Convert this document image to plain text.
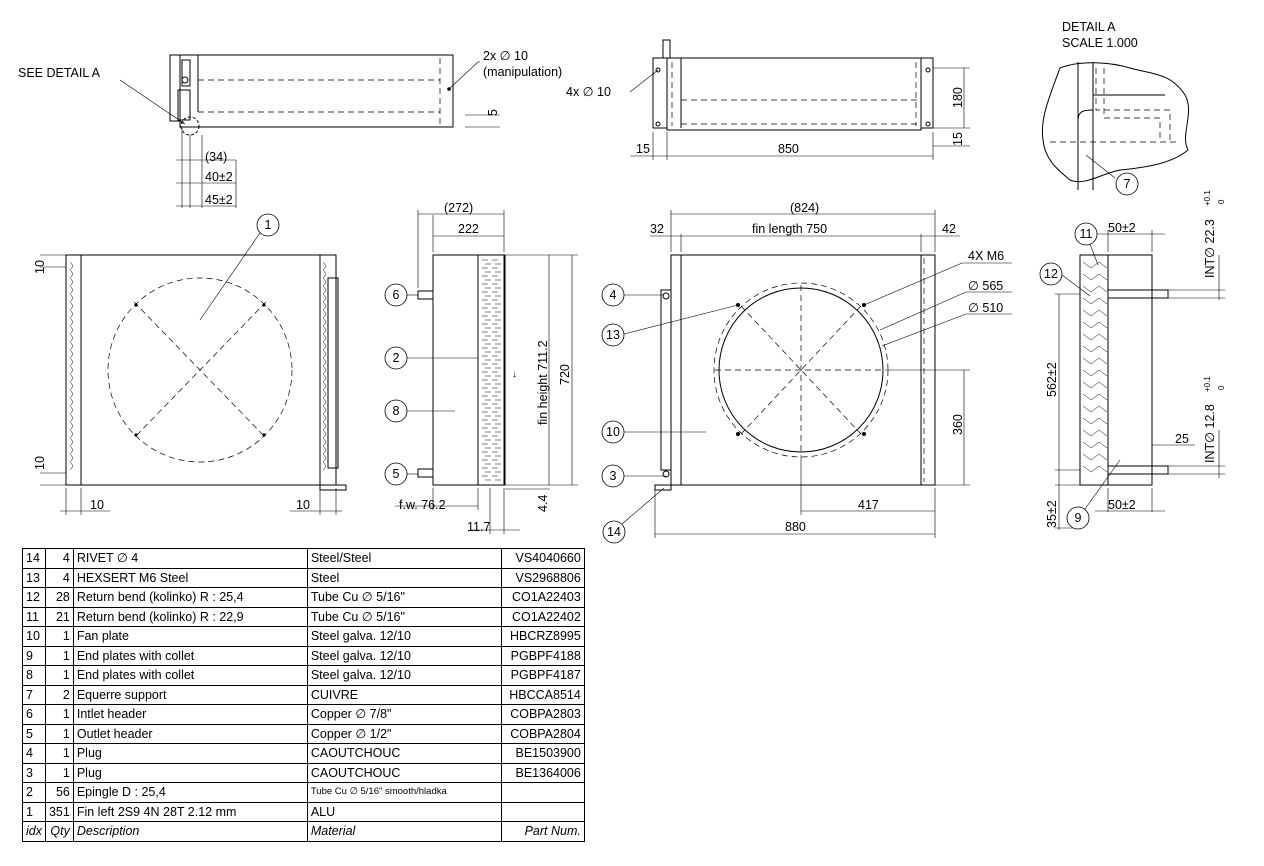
2x ∅ 10
(manipulation)
5
SEE DETAIL A
(34)
40±2
45±2
4x ∅ 10	180
15
15	850
DETAIL A
SCALE 1.000
10
10
10	10
(272)
222
fin height 711.2 720
f.w. 76.2
11.7
4.4
↓
(824)
32	fin length 750	42
4X M6
∅ 565
∅ 510
360
417
880
50±2	INT∅ 22.3
+0.1 0
INT∅ 12.8
+0.1 0
562±2
25
35±2	50±2
1
2
3
4
5
6
7
8
9
10
11
12
13
14
14	4	RIVET ∅ 4	Steel/Steel	VS4040660
13	4	HEXSERT M6 Steel	Steel	VS2968806
12	28	Return bend (kolinko) R : 25,4	Tube Cu ∅ 5/16"	CO1A22403
11	21	Return bend (kolinko) R : 22,9	Tube Cu ∅ 5/16"	CO1A22402
10	1	Fan plate	Steel galva. 12/10	HBCRZ8995
9	1	End plates with collet	Steel galva. 12/10	PGBPF4188
8	1	End plates with collet	Steel galva. 12/10	PGBPF4187
7	2	Equerre support	CUIVRE	HBCCA8514
6	1	Intlet header	Copper ∅ 7/8"	COBPA2803
5	1	Outlet header	Copper ∅ 1/2"	COBPA2804
4	1	Plug	CAOUTCHOUC	BE1503900
3	1	Plug	CAOUTCHOUC	BE1364006
2	56	Epingle D : 25,4	Tube Cu ∅ 5/16" smooth/hladka	
1	351	Fin left 2S9 4N 28T 2.12 mm	ALU	
idx	Qty	Description	Material	Part Num.
